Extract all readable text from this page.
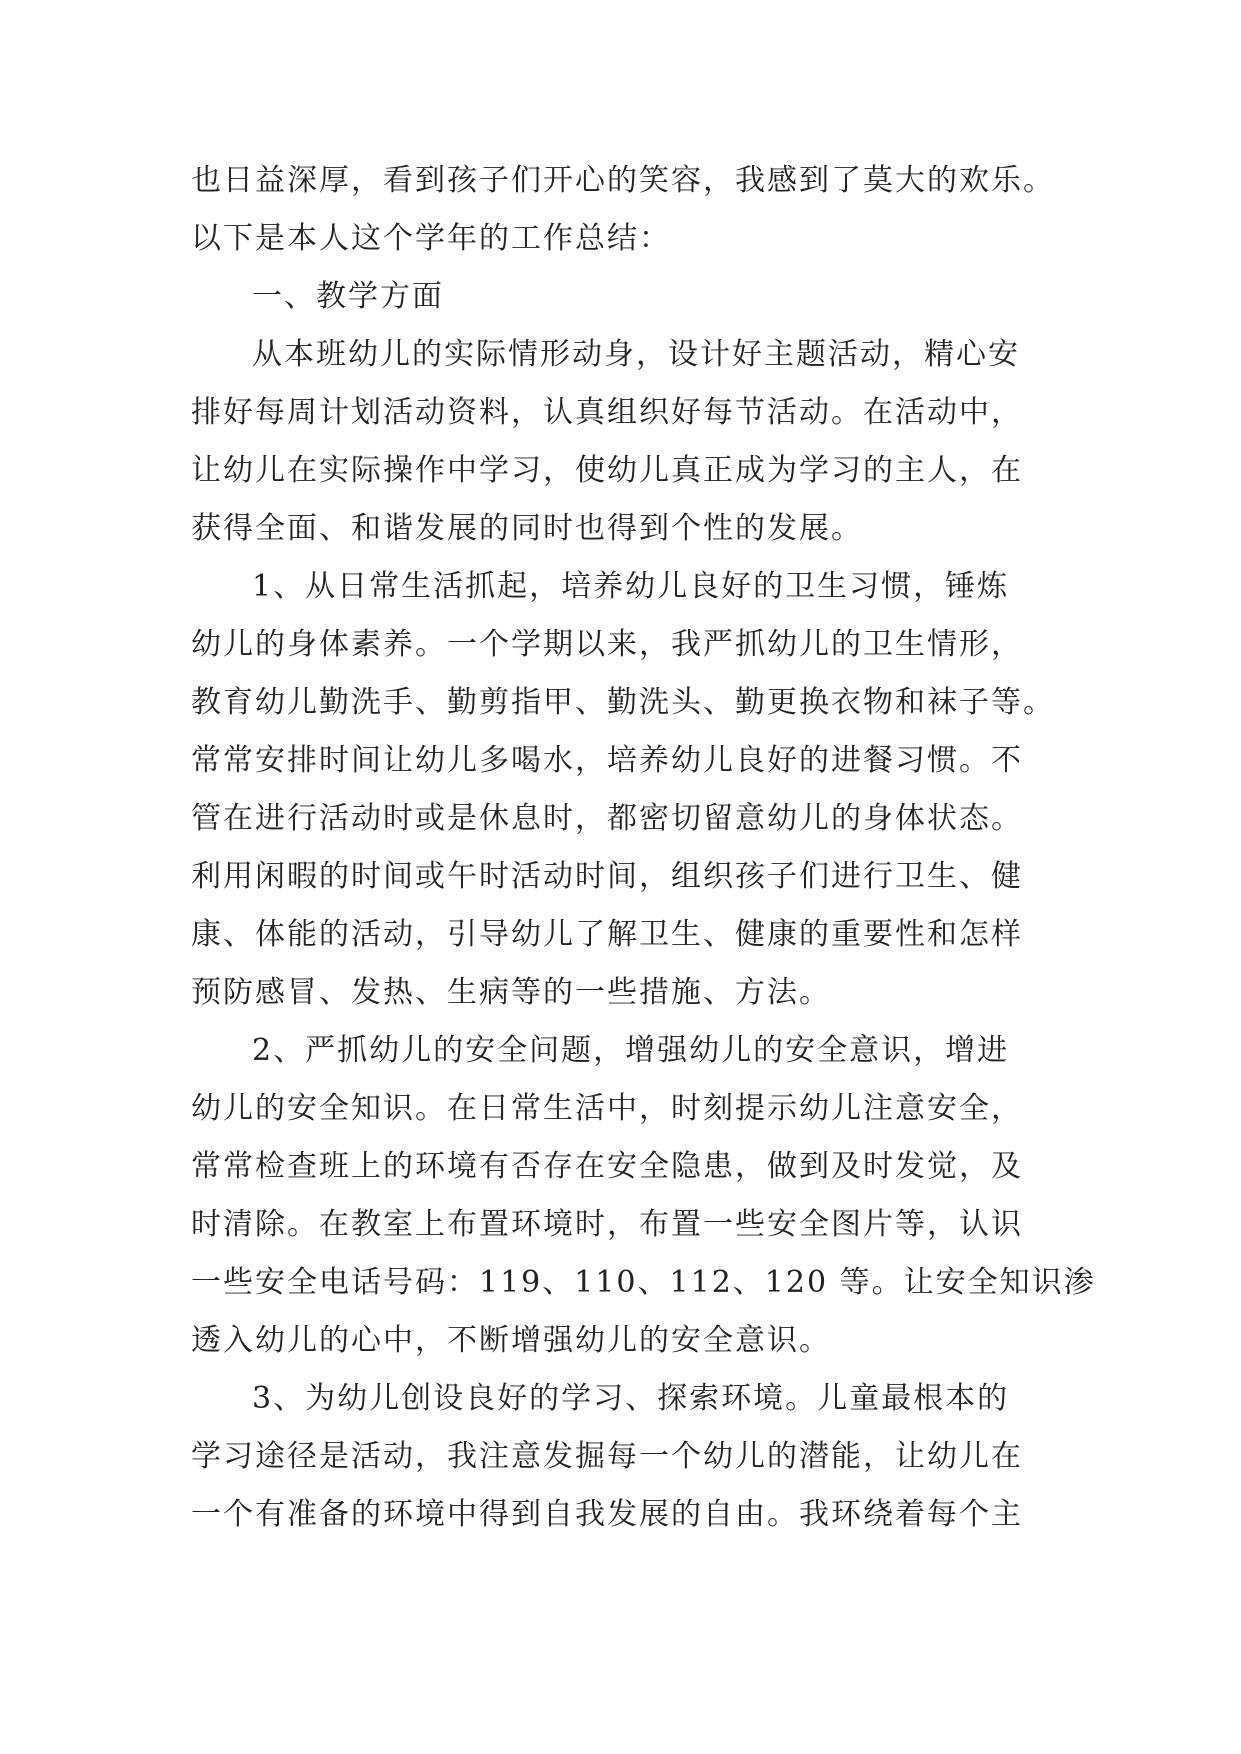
也日益深厚，看到孩子们开心的笑容，我感到了莫大的欢乐。

以下是本人这个学年的工作总结：

一、教学方面

从本班幼儿的实际情形动身，设计好主题活动，精心安

排好每周计划活动资料，认真组织好每节活动。在活动中，

让幼儿在实际操作中学习，使幼儿真正成为学习的主人，在

获得全面、和谐发展的同时也得到个性的发展。

1、从日常生活抓起，培养幼儿良好的卫生习惯，锤炼

幼儿的身体素养。一个学期以来，我严抓幼儿的卫生情形，

教育幼儿勤洗手、勤剪指甲、勤洗头、勤更换衣物和袜子等。

常常安排时间让幼儿多喝水，培养幼儿良好的进餐习惯。不

管在进行活动时或是休息时，都密切留意幼儿的身体状态。

利用闲暇的时间或午时活动时间，组织孩子们进行卫生、健

康、体能的活动，引导幼儿了解卫生、健康的重要性和怎样

预防感冒、发热、生病等的一些措施、方法。

2、严抓幼儿的安全问题，增强幼儿的安全意识，增进

幼儿的安全知识。在日常生活中，时刻提示幼儿注意安全，

常常检查班上的环境有否存在安全隐患，做到及时发觉，及

时清除。在教室上布置环境时，布置一些安全图片等，认识

一些安全电话号码：119、110、112、120 等。让安全知识渗

透入幼儿的心中，不断增强幼儿的安全意识。

3、为幼儿创设良好的学习、探索环境。儿童最根本的

学习途径是活动，我注意发掘每一个幼儿的潜能，让幼儿在

一个有准备的环境中得到自我发展的自由。我环绕着每个主
